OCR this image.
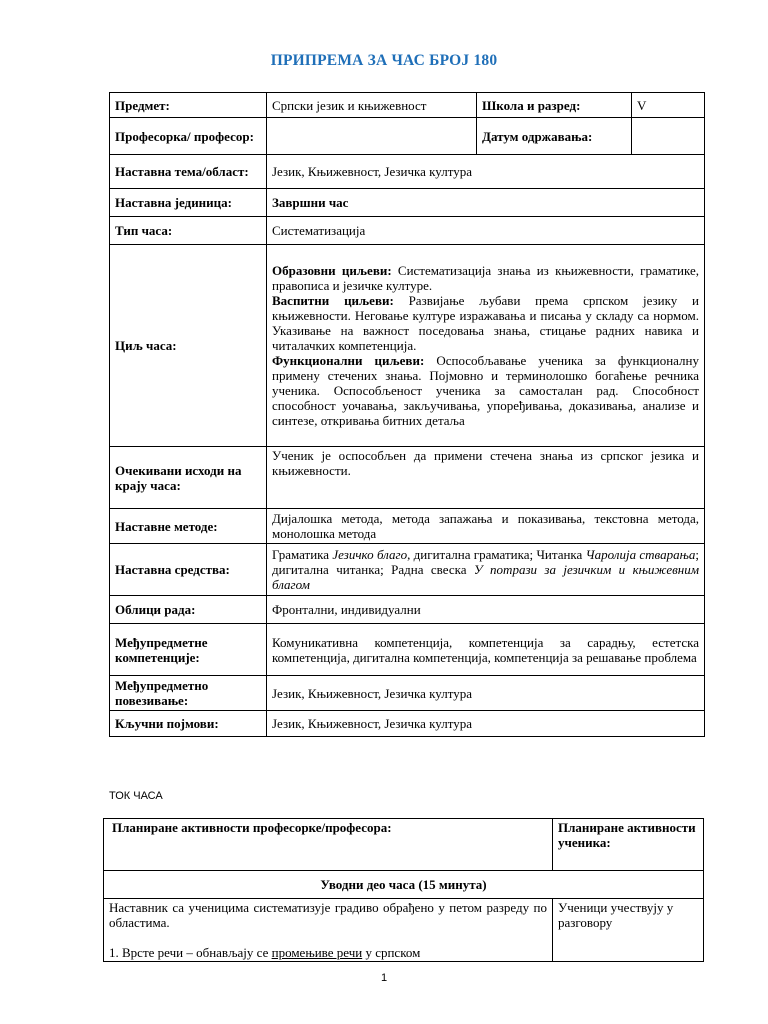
ПРИПРЕМА ЗА ЧАС БРОЈ 180
Предмет:	Српски језик и књижевност	Школа и разред:	V
Професорка/ професор:		Датум одржавања:	
Наставна тема/област:	Језик, Књижевност, Језичка култура		
Наставна јединица:	Завршни час		
Тип часа:	Систематизација		
Циљ часа:	Образовни циљеви: Систематизација знања из књижевности, граматике, правописа и језичке културе.
Васпитни циљеви: Развијање љубави према српском језику и књижевности. Неговање културе изражавања и писања у складу са нормом. Указивање на важност поседовања знања, стицање радних навика и читалачких компетенција.
Функционални циљеви: Оспособљавање ученика за функционалну примену стечених знања. Појмовно и терминолошко богаћење речника ученика. Оспособљеност ученика за самосталан рад. Способност способност уочавања, закључивања, упоређивања, доказивања, анализе и синтезе, откривања битних детаља		
Очекивани исходи на крају часа:	Ученик је оспособљен да примени стечена знања из српског језика и књижевности.		
Наставне методе:	Дијалошка метода, метода запажања и показивања, текстовна метода, монолошка метода		
Наставна средства:	Граматика Језичко благо, дигитална граматика; Читанка Чаролија стварања; дигитална читанка; Радна свеска У потрази за језичким и књижевним благом		
Облици рада:	Фронтални, индивидуални		
Међупредметне компетенције:	Комуникативна компетенција, компетенција за сарадњу, естетска компетенција, дигитална компетенција, компетенција за решавање проблема		
Међупредметно повезивање:	Језик, Књижевност, Језичка култура		
Кључни појмови:	Језик, Књижевност, Језичка култура		
ТОК ЧАСА
Планиране активности професорке/професора:	Планиране активности ученика:
Уводни део часа (15 минута)	
Наставник са ученицима систематизује градиво обрађено у петом разреду по областима.

1. Врсте речи – обнављају се промењиве речи у српском	Ученици учествују у разговору
1
